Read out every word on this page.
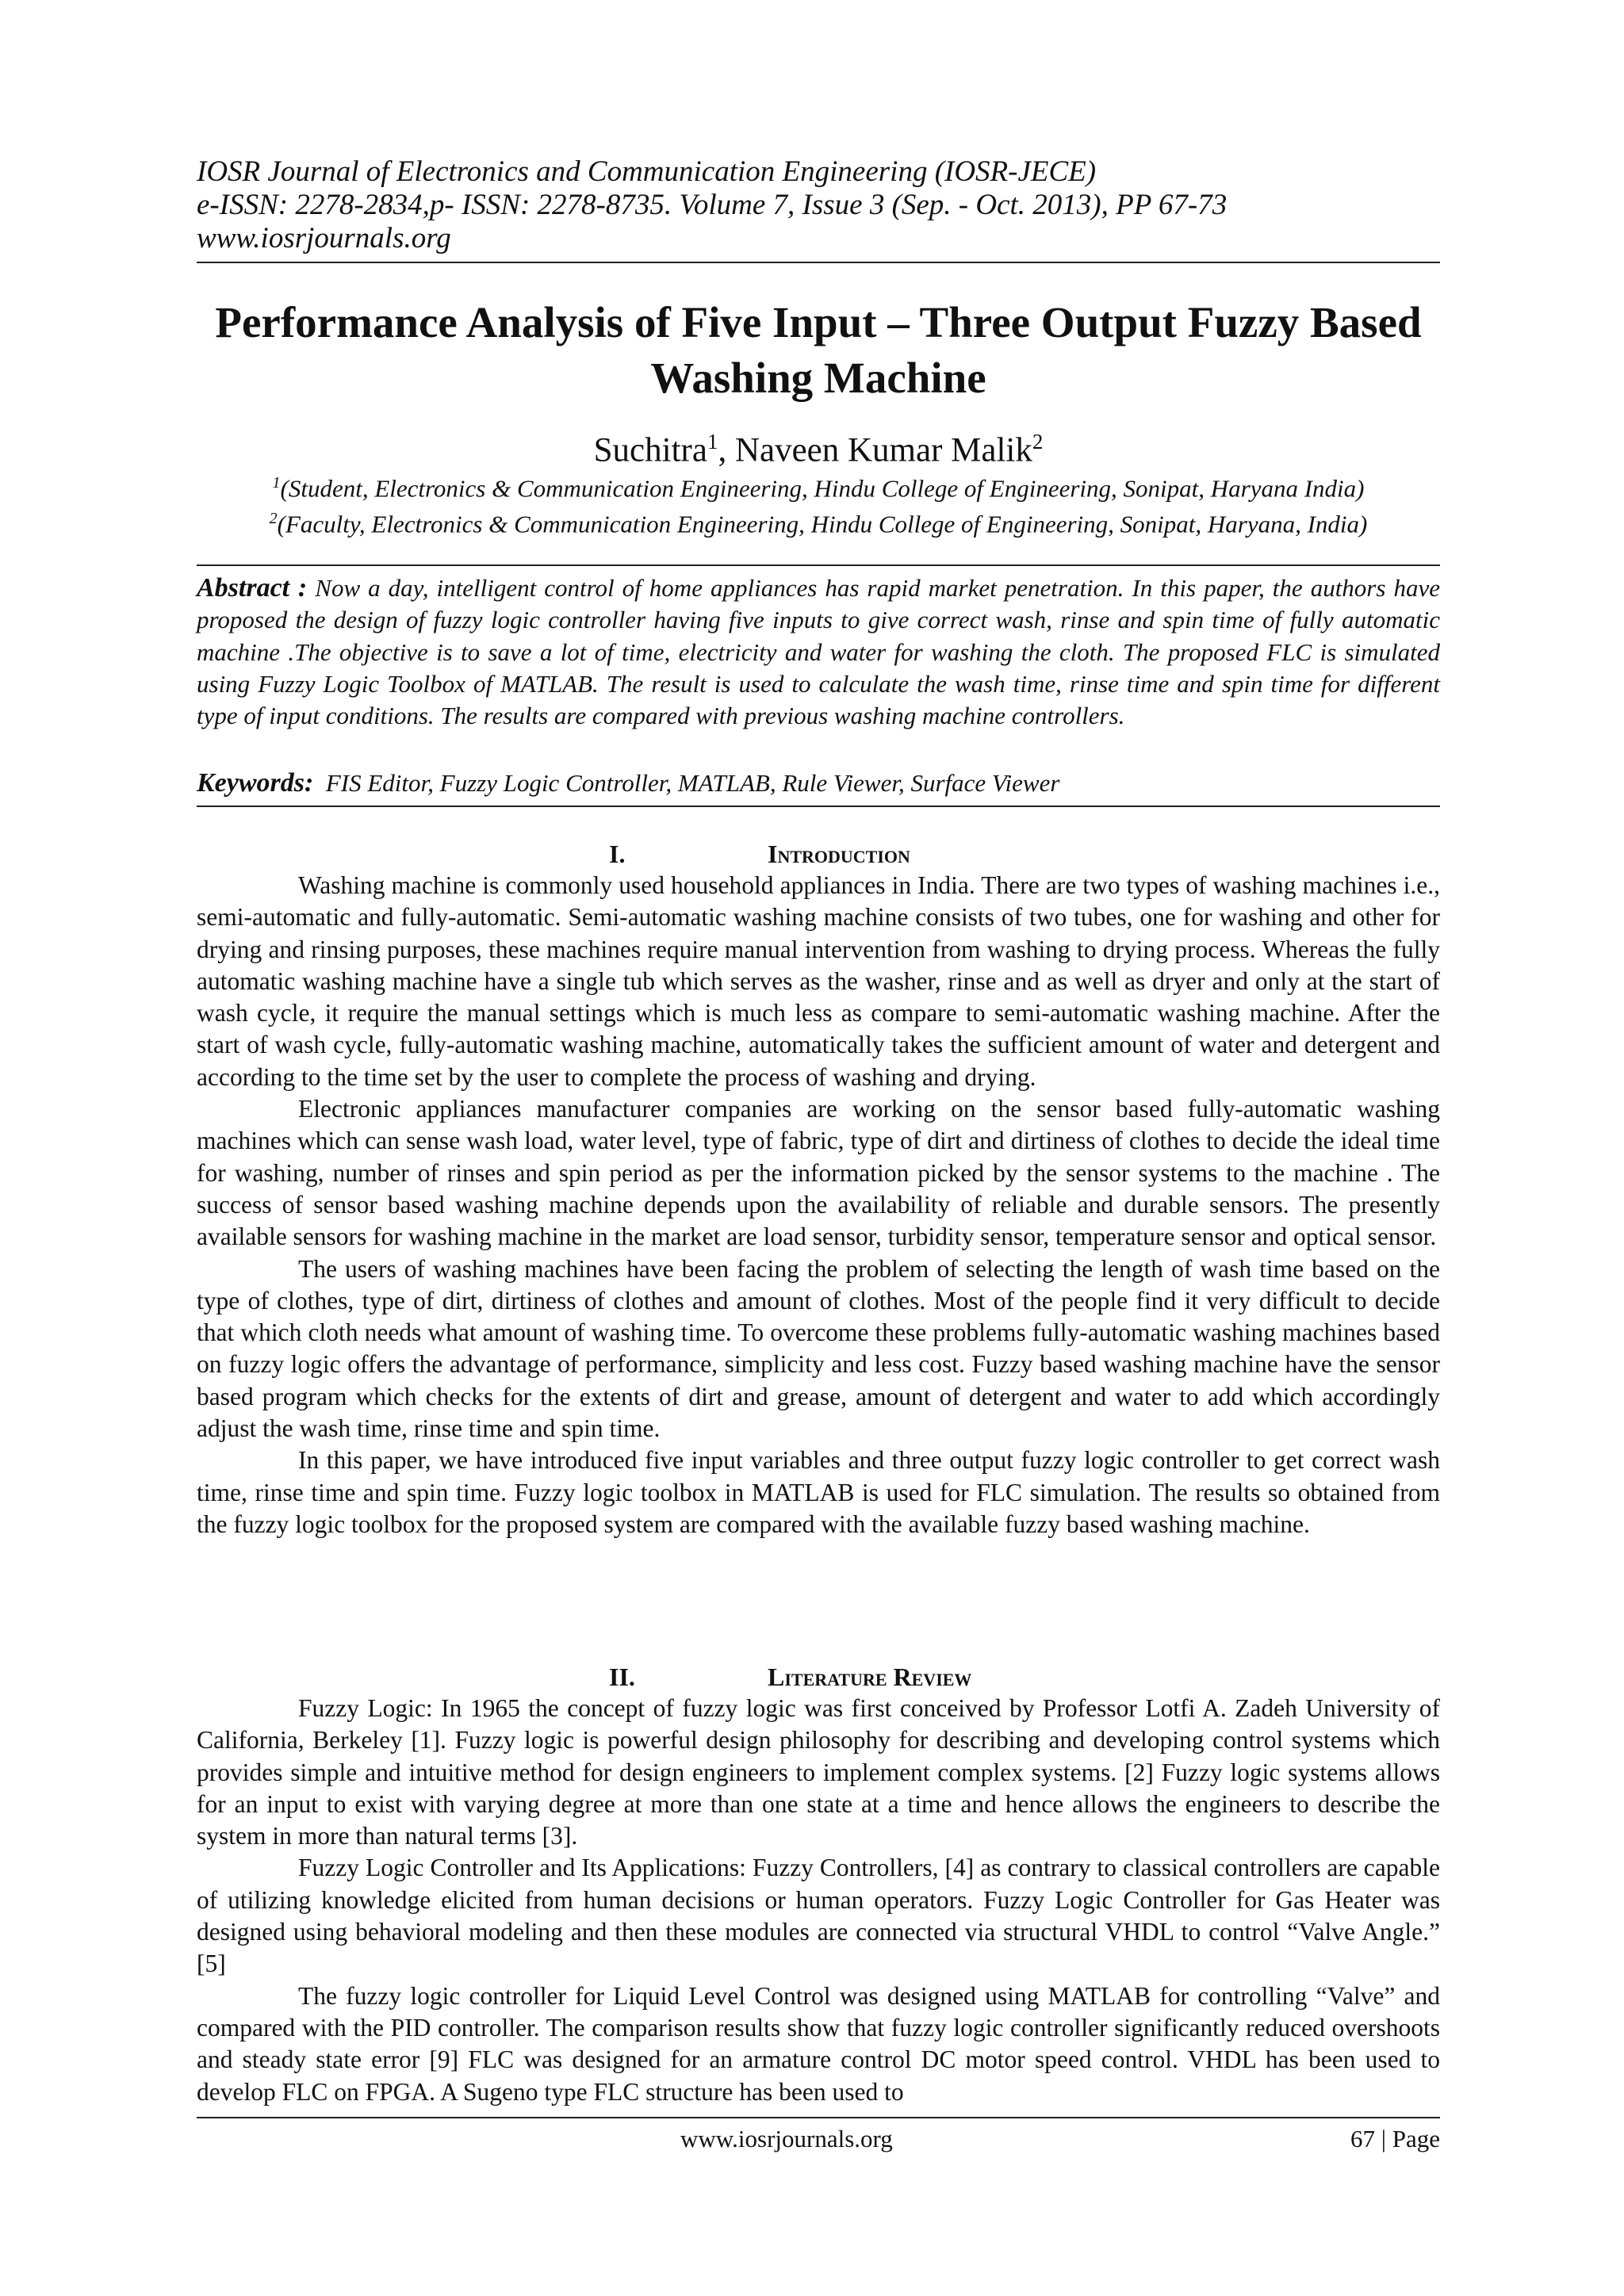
IOSR Journal of Electronics and Communication Engineering (IOSR-JECE)
e-ISSN: 2278-2834,p- ISSN: 2278-8735. Volume 7, Issue 3 (Sep. - Oct. 2013), PP 67-73
www.iosrjournals.org
Performance Analysis of Five Input – Three Output Fuzzy Based
Washing Machine
Suchitra$^1$, Naveen Kumar Malik$^2$
$^1$(Student, Electronics & Communication Engineering, Hindu College of Engineering, Sonipat, Haryana India)
$^2$(Faculty, Electronics & Communication Engineering, Hindu College of Engineering, Sonipat, Haryana, India)
Abstract : Now a day, intelligent control of home appliances has rapid market penetration. In this paper, the authors have proposed the design of fuzzy logic controller having five inputs to give correct wash, rinse and spin time of fully automatic machine .The objective is to save a lot of time, electricity and water for washing the cloth. The proposed FLC is simulated using Fuzzy Logic Toolbox of MATLAB. The result is used to calculate the wash time, rinse time and spin time for different type of input conditions. The results are compared with previous washing machine controllers.
Keywords: FIS Editor, Fuzzy Logic Controller, MATLAB, Rule Viewer, Surface Viewer
I.	Introduction

Washing machine is commonly used household appliances in India. There are two types of washing machines i.e., semi-automatic and fully-automatic. Semi-automatic washing machine consists of two tubes, one for washing and other for drying and rinsing purposes, these machines require manual intervention from washing to drying process. Whereas the fully automatic washing machine have a single tub which serves as the washer, rinse and as well as dryer and only at the start of wash cycle, it require the manual settings which is much less as compare to semi-automatic washing machine. After the start of wash cycle, fully-automatic washing machine, automatically takes the sufficient amount of water and detergent and according to the time set by the user to complete the process of washing and drying.

Electronic appliances manufacturer companies are working on the sensor based fully-automatic washing machines which can sense wash load, water level, type of fabric, type of dirt and dirtiness of clothes to decide the ideal time for washing, number of rinses and spin period as per the information picked by the sensor systems to the machine . The success of sensor based washing machine depends upon the availability of reliable and durable sensors. The presently available sensors for washing machine in the market are load sensor, turbidity sensor, temperature sensor and optical sensor.

The users of washing machines have been facing the problem of selecting the length of wash time based on the type of clothes, type of dirt, dirtiness of clothes and amount of clothes. Most of the people find it very difficult to decide that which cloth needs what amount of washing time. To overcome these problems fully-automatic washing machines based on fuzzy logic offers the advantage of performance, simplicity and less cost. Fuzzy based washing machine have the sensor based program which checks for the extents of dirt and grease, amount of detergent and water to add which accordingly adjust the wash time, rinse time and spin time.

In this paper, we have introduced five input variables and three output fuzzy logic controller to get correct wash time, rinse time and spin time. Fuzzy logic toolbox in MATLAB is used for FLC simulation. The results so obtained from the fuzzy logic toolbox for the proposed system are compared with the available fuzzy based washing machine.

II.	Literature Review

Fuzzy Logic: In 1965 the concept of fuzzy logic was first conceived by Professor Lotfi A. Zadeh University of California, Berkeley [1]. Fuzzy logic is powerful design philosophy for describing and developing control systems which provides simple and intuitive method for design engineers to implement complex systems. [2] Fuzzy logic systems allows for an input to exist with varying degree at more than one state at a time and hence allows the engineers to describe the system in more than natural terms [3].

Fuzzy Logic Controller and Its Applications: Fuzzy Controllers, [4] as contrary to classical controllers are capable of utilizing knowledge elicited from human decisions or human operators. Fuzzy Logic Controller for Gas Heater was designed using behavioral modeling and then these modules are connected via structural VHDL to control “Valve Angle.” [5]

The fuzzy logic controller for Liquid Level Control was designed using MATLAB for controlling “Valve” and compared with the PID controller. The comparison results show that fuzzy logic controller significantly reduced overshoots and steady state error [9] FLC was designed for an armature control DC motor speed control. VHDL has been used to develop FLC on FPGA. A Sugeno type FLC structure has been used to

www.iosrjournals.org	67 | Page
